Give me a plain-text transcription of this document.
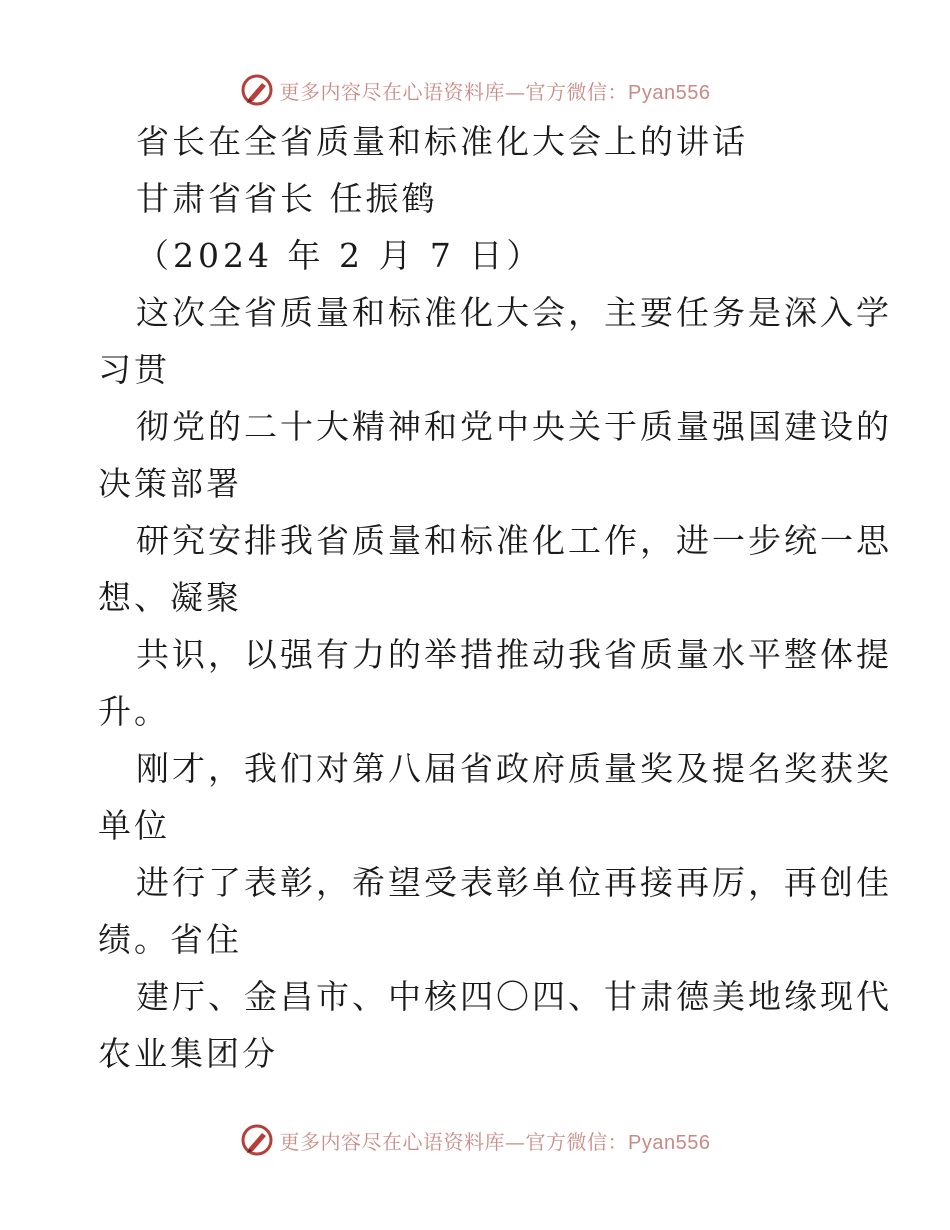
更多内容尽在心语资料库—官方微信：Pyan556
省长在全省质量和标准化大会上的讲话
甘肃省省长 任振鹤
（2024 年 2 月 7 日）
这次全省质量和标准化大会，主要任务是深入学
习贯
彻党的二十大精神和党中央关于质量强国建设的
决策部署
研究安排我省质量和标准化工作，进一步统一思
想、凝聚
共识，以强有力的举措推动我省质量水平整体提
升。
刚才，我们对第八届省政府质量奖及提名奖获奖
单位
进行了表彰，希望受表彰单位再接再厉，再创佳
绩。省住
建厅、金昌市、中核四〇四、甘肃德美地缘现代
农业集团分
更多内容尽在心语资料库—官方微信：Pyan556
